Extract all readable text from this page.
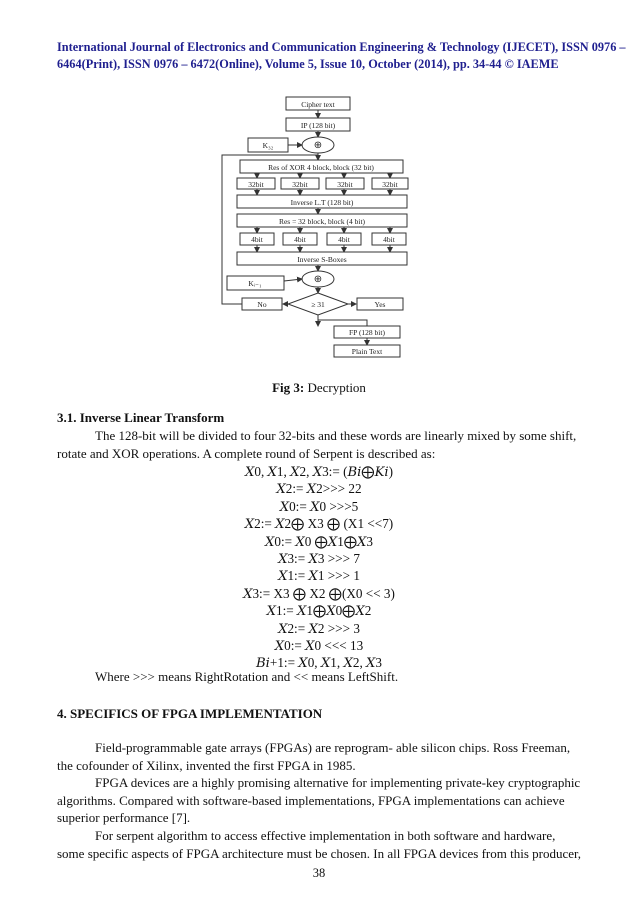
International Journal of Electronics and Communication Engineering & Technology (IJECET), ISSN 0976 –
6464(Print), ISSN 0976 – 6472(Online), Volume 5, Issue 10, October (2014), pp. 34-44 © IAEME
Cipher text
IP (128 bit)
K₃₂	⊕
Res of XOR 4 block, block (32 bit)
32bit	32bit	32bit	32bit
Inverse L.T (128 bit)
Res = 32 block, block (4 bit)
4bit	4bit	4bit	4bit
Inverse S-Boxes
⊕
Kᵢ₋₁
No	≥ 31	Yes
FP (128 bit)
Plain Text
Fig 3: Decryption
3.1. Inverse Linear Transform
The 128-bit will be divided to four 32-bits and these words are linearly mixed by some shift,
rotate and XOR operations. A complete round of Serpent is described as:
𝑋0, 𝑋1, 𝑋2, 𝑋3:= (𝐵𝑖⨁𝐾𝑖)
𝑋2:= 𝑋2>>> 22
𝑋0:= 𝑋0 >>>5
𝑋2:= 𝑋2⨁ X3 ⨁ (X1 <<7)
𝑋0:= 𝑋0 ⨁𝑋1⨁𝑋3
𝑋3:= 𝑋3 >>> 7
𝑋1:= 𝑋1 >>> 1
𝑋3:= X3 ⨁ X2 ⨁(X0 << 3)
𝑋1:= 𝑋1⨁𝑋0⨁𝑋2
𝑋2:= 𝑋2 >>> 3
𝑋0:= 𝑋0 <<< 13
𝐵𝑖+1:= 𝑋0, 𝑋1, 𝑋2, 𝑋3
Where >>> means RightRotation and << means LeftShift.
4. SPECIFICS OF FPGA IMPLEMENTATION
Field-programmable gate arrays (FPGAs) are reprogram- able silicon chips. Ross Freeman,
the cofounder of Xilinx, invented the first FPGA in 1985.
FPGA devices are a highly promising alternative for implementing private-key cryptographic
algorithms. Compared with software-based implementations, FPGA implementations can achieve
superior performance [7].
For serpent algorithm to access effective implementation in both software and hardware,
some specific aspects of FPGA architecture must be chosen. In all FPGA devices from this producer,
38
